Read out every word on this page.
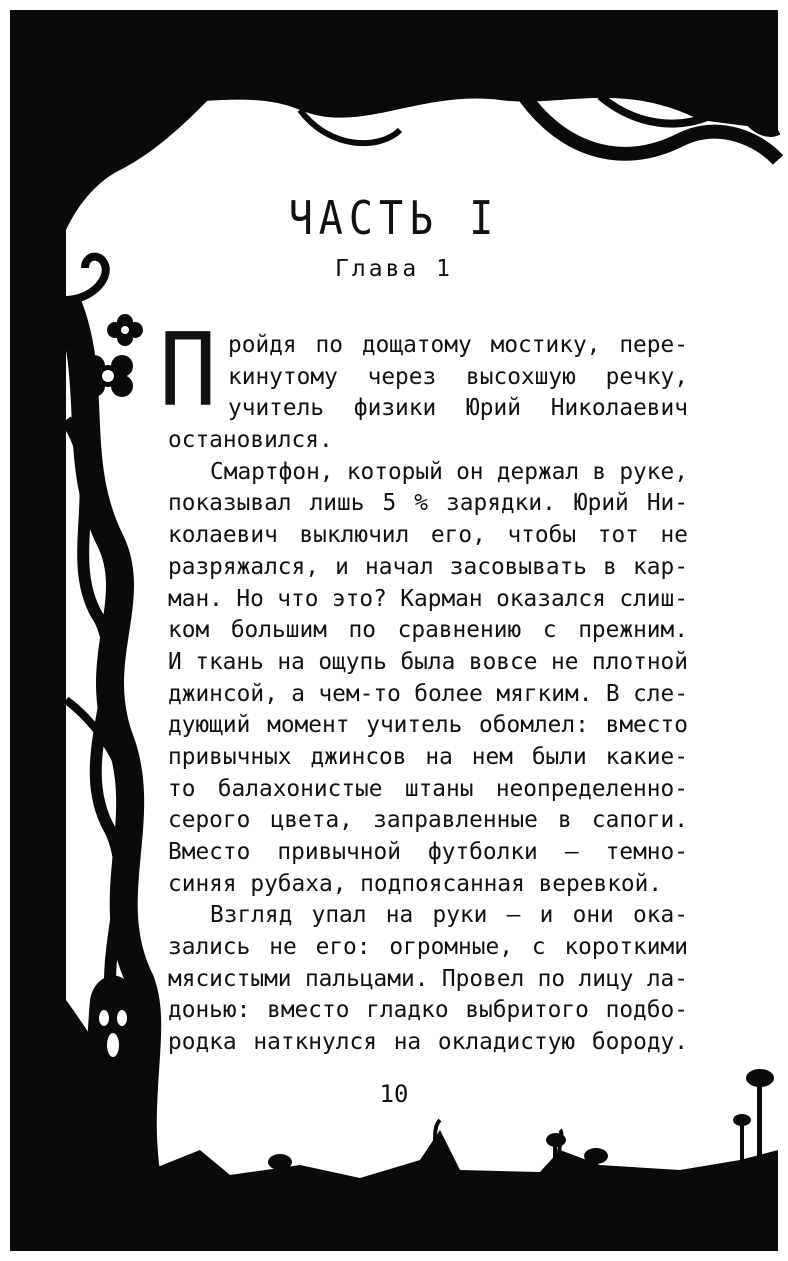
ЧАСТЬ I
Глава 1
П ройдя по дощатому мостику, пере-
кинутому через высохшую речку,
учитель физики Юрий Николаевич
остановился.
Смартфон, который он держал в руке,
показывал лишь 5 % зарядки. Юрий Ни-
колаевич выключил его, чтобы тот не
разряжался, и начал засовывать в кар-
ман. Но что это? Карман оказался слиш-
ком большим по сравнению с прежним.
И ткань на ощупь была вовсе не плотной
джинсой, а чем-то более мягким. В сле-
дующий момент учитель обомлел: вместо
привычных джинсов на нем были какие-
то балахонистые штаны неопределенно-
серого цвета, заправленные в сапоги.
Вместо привычной футболки — темно-
синяя рубаха, подпоясанная веревкой.
Взгляд упал на руки — и они ока-
зались не его: огромные, с короткими
мясистыми пальцами. Провел по лицу ла-
донью: вместо гладко выбритого подбо-
родка наткнулся на окладистую бороду.
10
